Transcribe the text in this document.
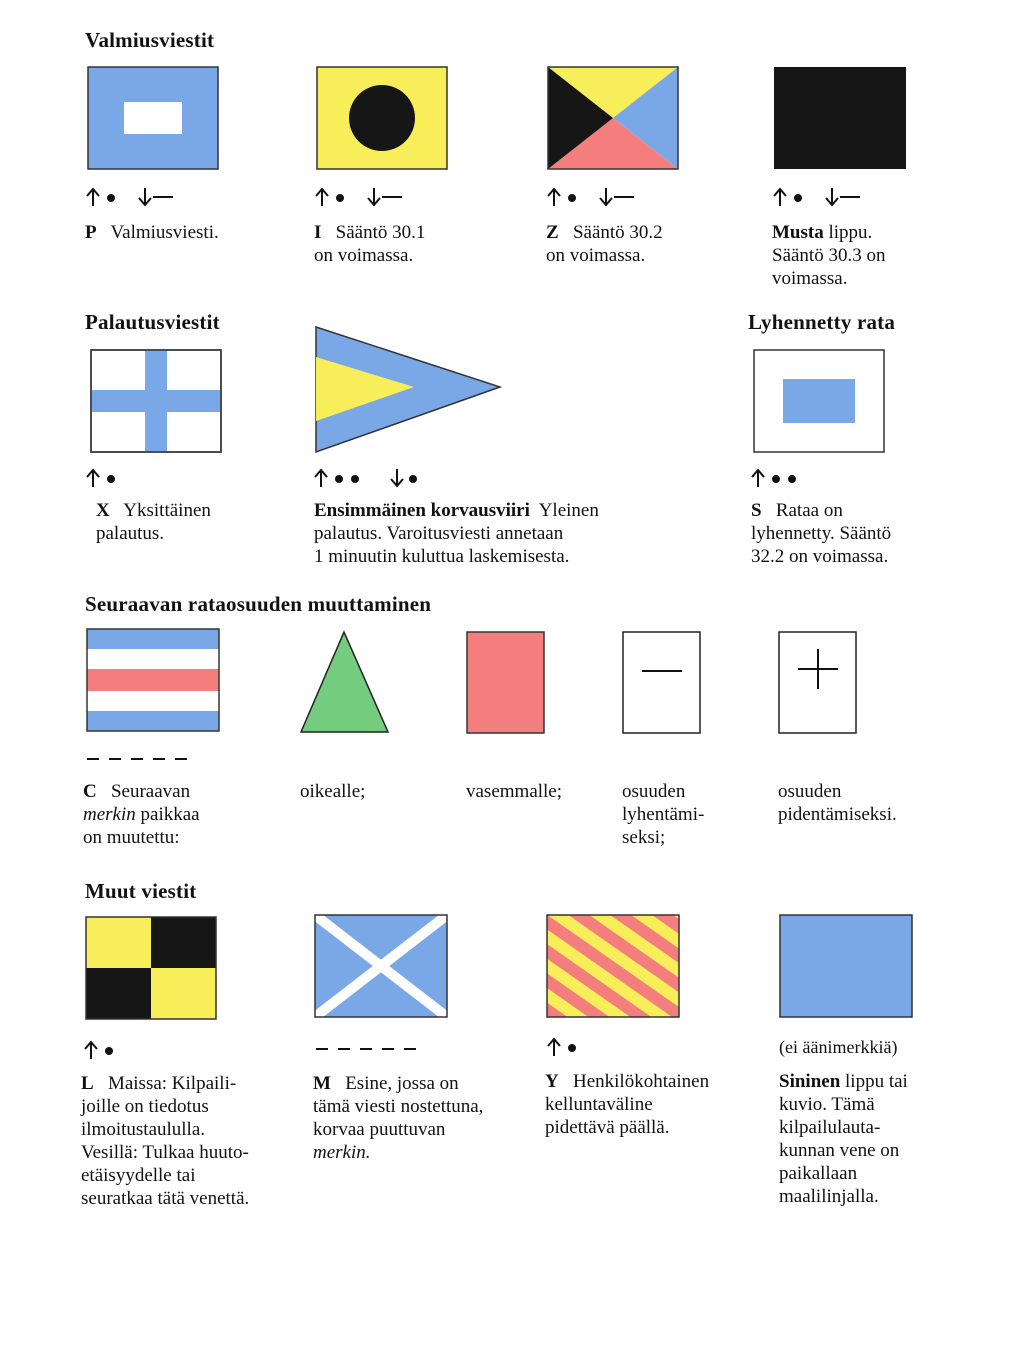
Valmiusviestit
P Valmiusviesti.	I Sääntö 30.1
on voimassa.
Z Sääntö 30.2
on voimassa.
Musta lippu.
Sääntö 30.3 on
voimassa.
Palautusviestit	Lyhennetty rata
X Yksittäinen
palautus.
Ensimmäinen korvausviiri Yleinen
palautus. Varoitusviesti annetaan
1 minuutin kuluttua laskemisesta.
S Rataa on
lyhennetty. Sääntö
32.2 on voimassa.
Seuraavan rataosuuden muuttaminen
C Seuraavan
merkin paikkaa
on muutettu:
oikealle;	vasemmalle;	osuuden
lyhentämi-
seksi;
osuuden
pidentämiseksi.
Muut viestit
(ei äänimerkkiä)
L Maissa: Kilpaili-
joille on tiedotus
ilmoitustaululla.
Vesillä: Tulkaa huuto-
etäisyydelle tai
seuratkaa tätä venettä.
M Esine, jossa on
tämä viesti nostettuna,
korvaa puuttuvan
merkin.
Y Henkilökohtainen
kelluntaväline
pidettävä päällä.
Sininen lippu tai
kuvio. Tämä
kilpailulauta-
kunnan vene on
paikallaan
maalilinjalla.
